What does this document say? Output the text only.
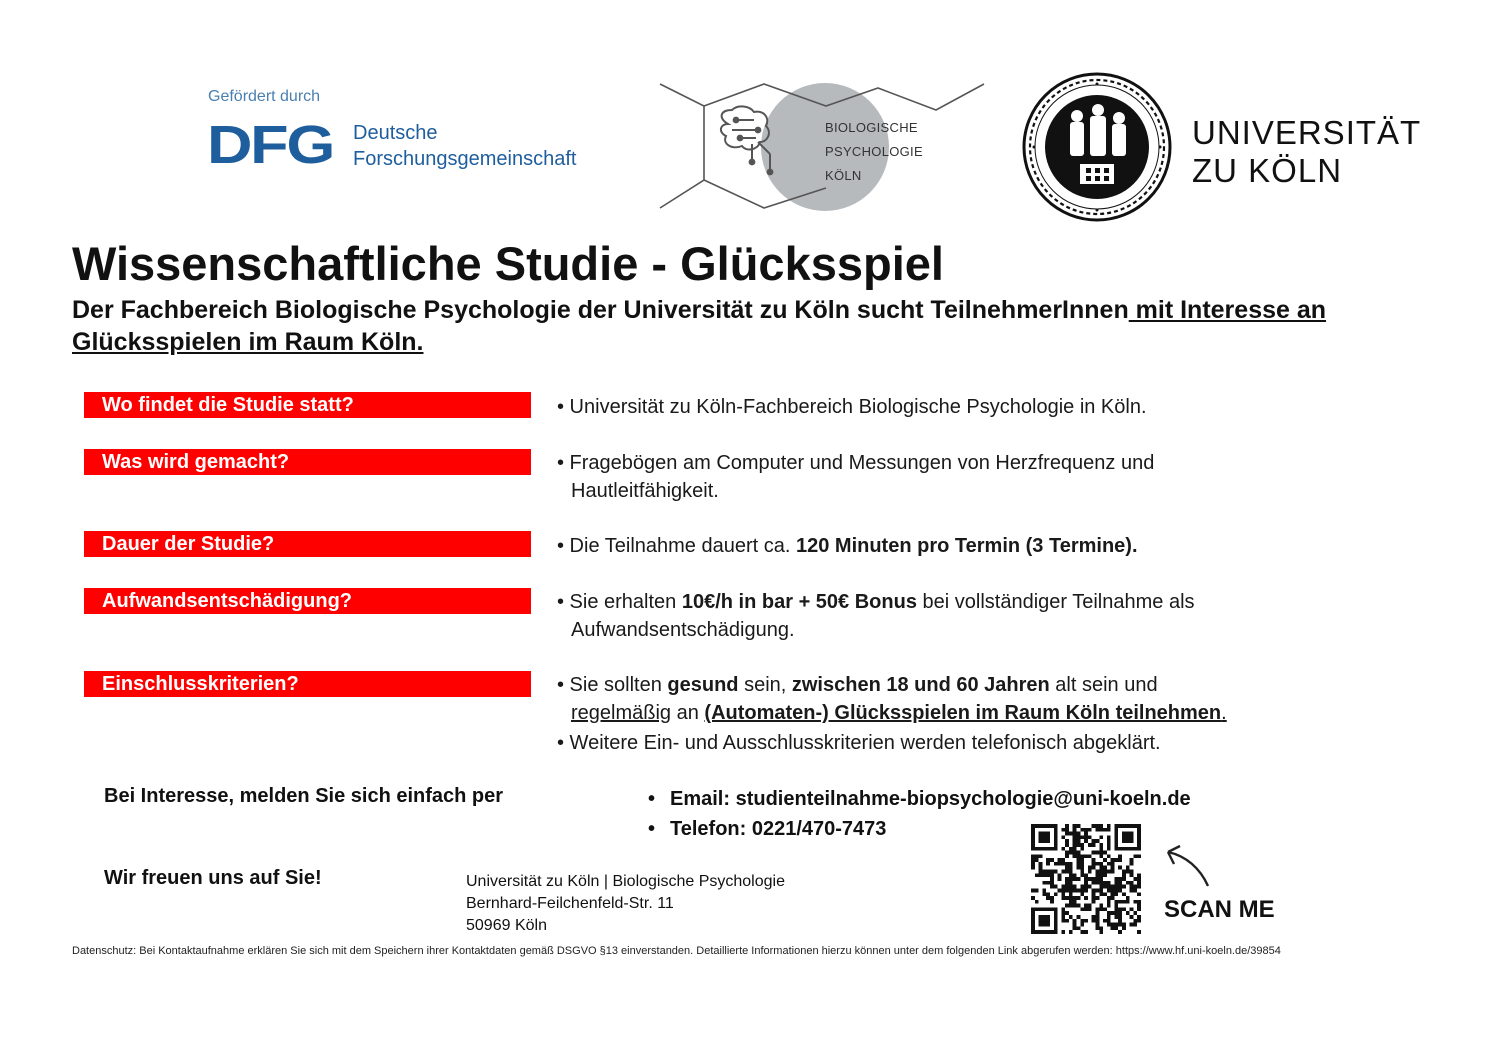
Gefördert durch
DFG Deutsche
Forschungsgemeinschaft
BIOLOGISCHE
PSYCHOLOGIE
KÖLN
UNIVERSITÄT
ZU KÖLN
Wissenschaftliche Studie - Glücksspiel

Der Fachbereich Biologische Psychologie der Universität zu Köln sucht TeilnehmerInnen mit Interesse an Glücksspielen im Raum Köln.

Wo findet die Studie statt?	• Universität zu Köln-Fachbereich Biologische Psychologie in Köln.
Was wird gemacht?	• Fragebögen am Computer und Messungen von Herzfrequenz und
Hautleitfähigkeit.
Dauer der Studie?	• Die Teilnahme dauert ca. 120 Minuten pro Termin (3 Termine).
Aufwandsentschädigung?	• Sie erhalten 10€/h in bar + 50€ Bonus bei vollständiger Teilnahme als
Aufwandsentschädigung.
Einschlusskriterien?	• Sie sollten gesund sein, zwischen 18 und 60 Jahren alt sein und
regelmäßig an (Automaten-) Glücksspielen im Raum Köln teilnehmen.
• Weitere Ein- und Ausschlusskriterien werden telefonisch abgeklärt.
Bei Interesse, melden Sie sich einfach per
•	Email: studienteilnahme-biopsychologie@uni-koeln.de
• Telefon: 0221/470-7473
Wir freuen uns auf Sie!	Universität zu Köln | Biologische Psychologie
Bernhard-Feilchenfeld-Str. 11
50969 Köln
SCAN ME
Datenschutz: Bei Kontaktaufnahme erklären Sie sich mit dem Speichern ihrer Kontaktdaten gemäß DSGVO §13 einverstanden. Detaillierte Informationen hierzu können unter dem folgenden Link abgerufen werden: https://www.hf.uni-koeln.de/39854
